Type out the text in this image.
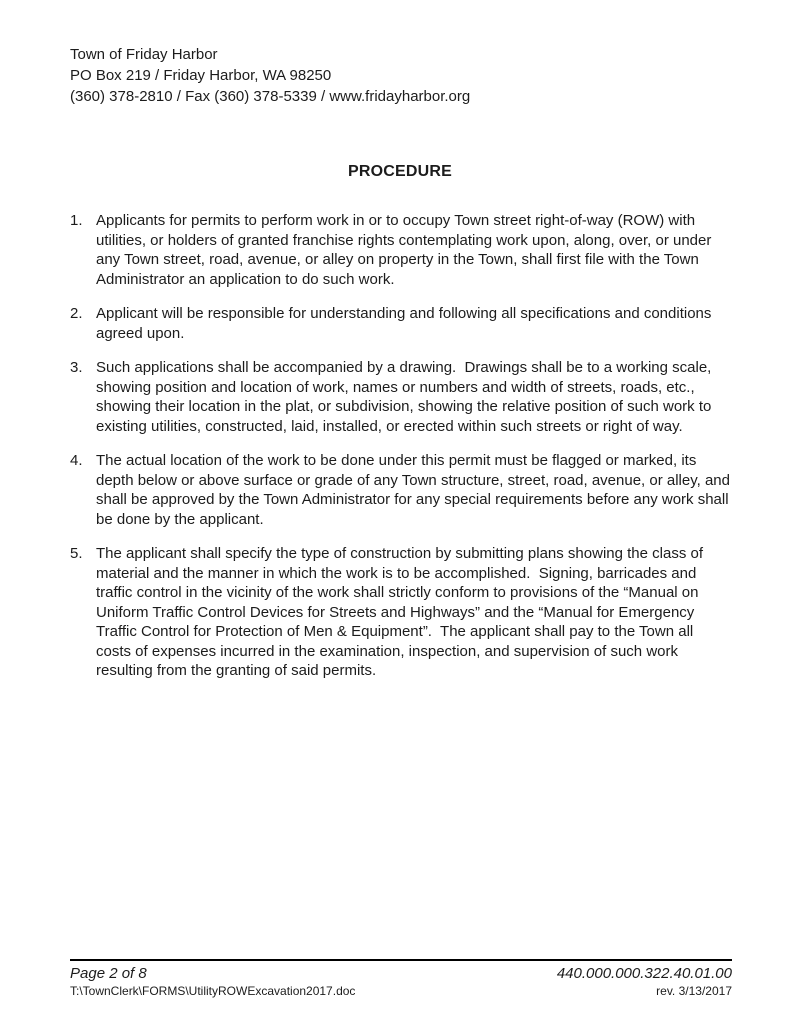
Town of Friday Harbor
PO Box 219 / Friday Harbor, WA 98250
(360) 378-2810 / Fax (360) 378-5339 / www.fridayharbor.org
PROCEDURE
1. Applicants for permits to perform work in or to occupy Town street right-of-way (ROW) with utilities, or holders of granted franchise rights contemplating work upon, along, over, or under any Town street, road, avenue, or alley on property in the Town, shall first file with the Town Administrator an application to do such work.
2. Applicant will be responsible for understanding and following all specifications and conditions agreed upon.
3. Such applications shall be accompanied by a drawing.  Drawings shall be to a working scale, showing position and location of work, names or numbers and width of streets, roads, etc., showing their location in the plat, or subdivision, showing the relative position of such work to existing utilities, constructed, laid, installed, or erected within such streets or right of way.
4. The actual location of the work to be done under this permit must be flagged or marked, its depth below or above surface or grade of any Town structure, street, road, avenue, or alley, and shall be approved by the Town Administrator for any special requirements before any work shall be done by the applicant.
5. The applicant shall specify the type of construction by submitting plans showing the class of material and the manner in which the work is to be accomplished.  Signing, barricades and traffic control in the vicinity of the work shall strictly conform to provisions of the “Manual on Uniform Traffic Control Devices for Streets and Highways” and the “Manual for Emergency Traffic Control for Protection of Men & Equipment”.  The applicant shall pay to the Town all costs of expenses incurred in the examination, inspection, and supervision of such work resulting from the granting of said permits.
Page 2 of 8
T:\TownClerk\FORMS\UtilityROWExcavation2017.doc
440.000.000.322.40.01.00
rev. 3/13/2017
